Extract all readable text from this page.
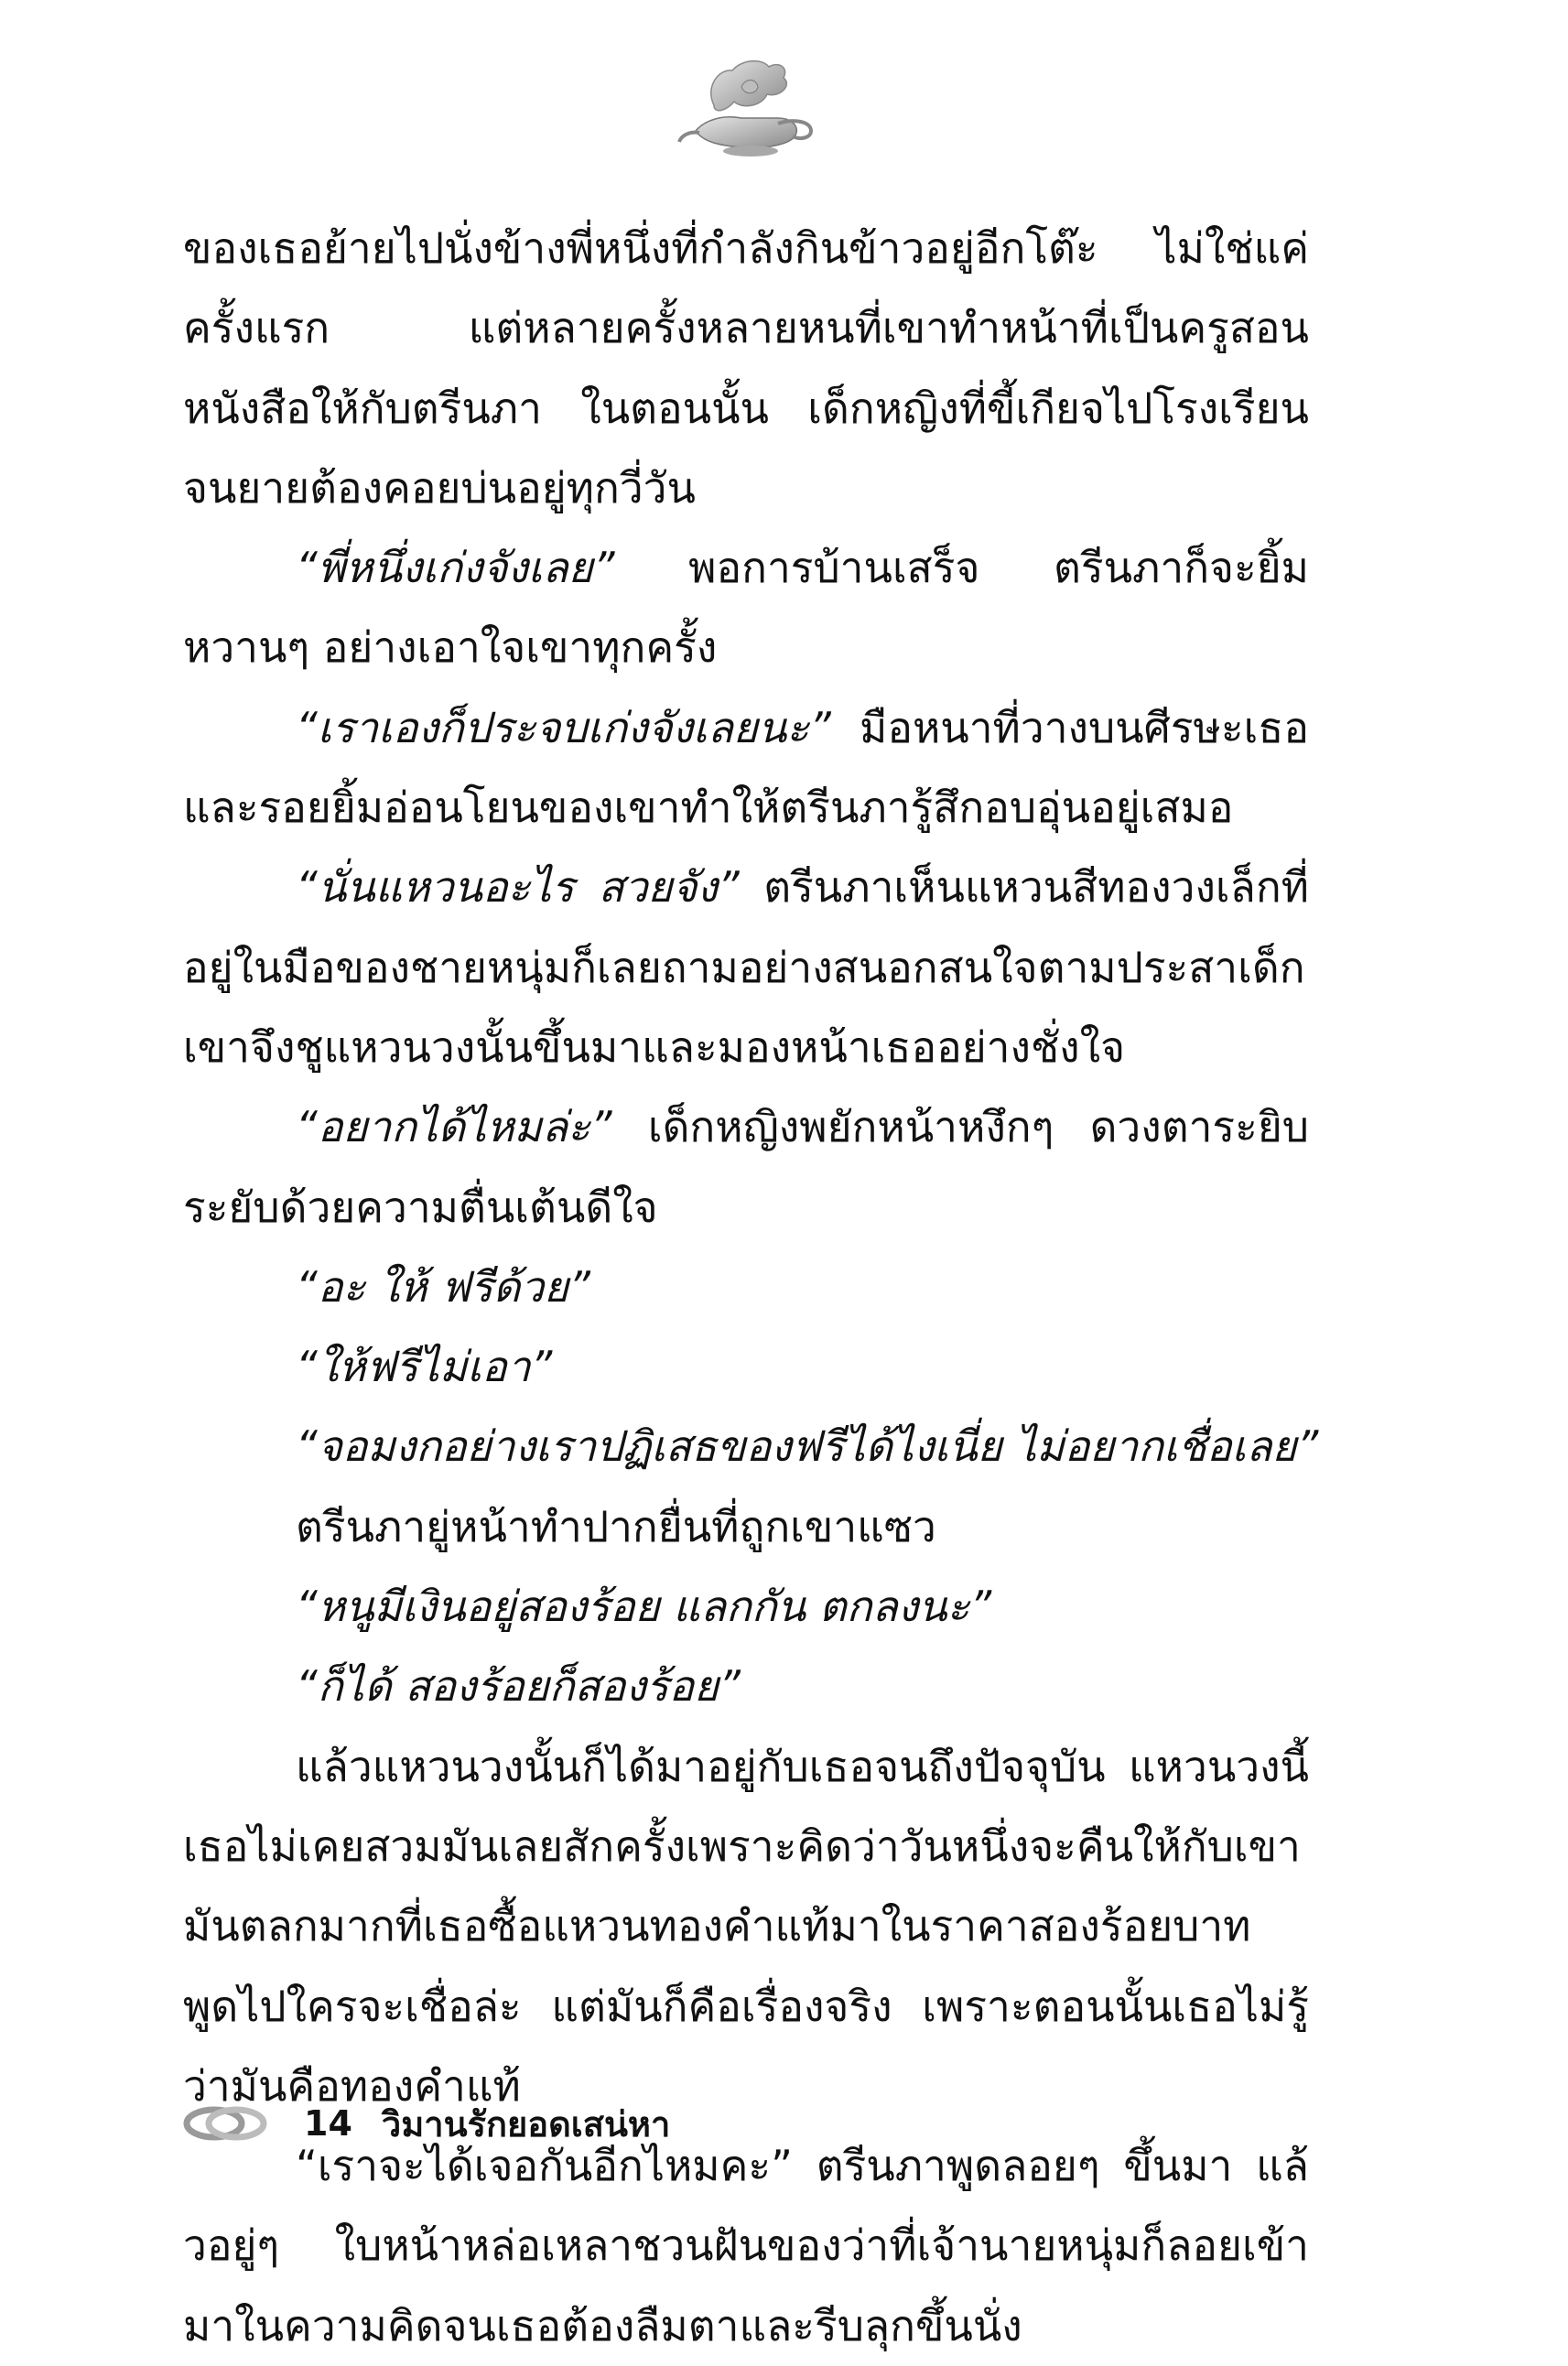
ของเธอย้ายไปนั่งข้างพี่หนึ่งที่กำลังกินข้าวอยู่อีกโต๊ะ ไม่ใช่แค่ครั้งแรก แต่หลายครั้งหลายหนที่เขาทำหน้าที่เป็นครูสอนหนังสือให้กับตรีนภา ในตอนนั้น เด็กหญิงที่ขี้เกียจไปโรงเรียนจนยายต้องคอยบ่นอยู่ทุกวี่วัน

“พี่หนึ่งเก่งจังเลย” พอการบ้านเสร็จ ตรีนภาก็จะยิ้มหวานๆ อย่างเอาใจเขาทุกครั้ง

“เราเองก็ประจบเก่งจังเลยนะ” มือหนาที่วางบนศีรษะเธอ และรอยยิ้มอ่อนโยนของเขาทำให้ตรีนภารู้สึกอบอุ่นอยู่เสมอ

“นั่นแหวนอะไร สวยจัง” ตรีนภาเห็นแหวนสีทองวงเล็กที่อยู่ในมือของชายหนุ่มก็เลยถามอย่างสนอกสนใจตามประสาเด็ก เขาจึงชูแหวนวงนั้นขึ้นมาและมองหน้าเธออย่างชั่งใจ

“อยากได้ไหมล่ะ” เด็กหญิงพยักหน้าหงึกๆ ดวงตาระยิบระยับด้วยความตื่นเต้นดีใจ

“อะ ให้ ฟรีด้วย”

“ให้ฟรีไม่เอา”

“จอมงกอย่างเราปฏิเสธของฟรีได้ไงเนี่ย ไม่อยากเชื่อเลย”

ตรีนภายู่หน้าทำปากยื่นที่ถูกเขาแซว

“หนูมีเงินอยู่สองร้อย แลกกัน ตกลงนะ”

“ก็ได้ สองร้อยก็สองร้อย”

แล้วแหวนวงนั้นก็ได้มาอยู่กับเธอจนถึงปัจจุบัน แหวนวงนี้เธอไม่เคยสวมมันเลยสักครั้งเพราะคิดว่าวันหนึ่งจะคืนให้กับเขา มันตลกมากที่เธอซื้อแหวนทองคำแท้มาในราคาสองร้อยบาท พูดไปใครจะเชื่อล่ะ แต่มันก็คือเรื่องจริง เพราะตอนนั้นเธอไม่รู้ว่ามันคือทองคำแท้

“เราจะได้เจอกันอีกไหมคะ” ตรีนภาพูดลอยๆ ขึ้นมา แล้วอยู่ๆ ใบหน้าหล่อเหลาชวนฝันของว่าที่เจ้านายหนุ่มก็ลอยเข้ามาในความคิดจนเธอต้องลืมตาและรีบลุกขึ้นนั่ง

14 วิมานรักยอดเสน่หา
